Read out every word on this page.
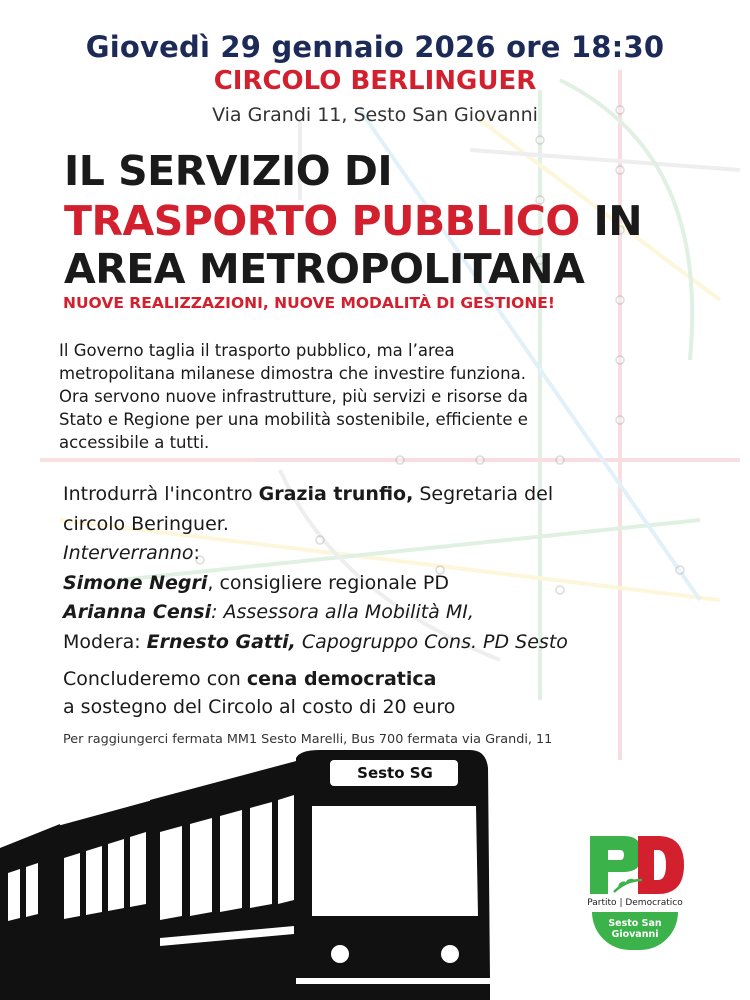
Giovedì 29 gennaio 2026 ore 18:30
CIRCOLO BERLINGUER
Via Grandi 11, Sesto San Giovanni
IL SERVIZIO DI
TRASPORTO PUBBLICO IN
AREA METROPOLITANA
NUOVE REALIZZAZIONI, NUOVE MODALITÀ DI GESTIONE!
Il Governo taglia il trasporto pubblico, ma l’area
metropolitana milanese dimostra che investire funziona.
Ora servono nuove infrastrutture, più servizi e risorse da
Stato e Regione per una mobilità sostenibile, efficiente e
accessibile a tutti.
Introdurrà l'incontro Grazia trunfio, Segretaria del
circolo Beringuer.
Interverranno:
Simone Negri, consigliere regionale PD
Arianna Censi: Assessora alla Mobilità MI,
Modera: Ernesto Gatti, Capogruppo Cons. PD Sesto
Concluderemo con cena democratica
a sostegno del Circolo al costo di 20 euro
Per raggiungerci fermata MM1 Sesto Marelli, Bus 700 fermata via Grandi, 11
Sesto SG
Partito | Democratico
Sesto San
Giovanni
